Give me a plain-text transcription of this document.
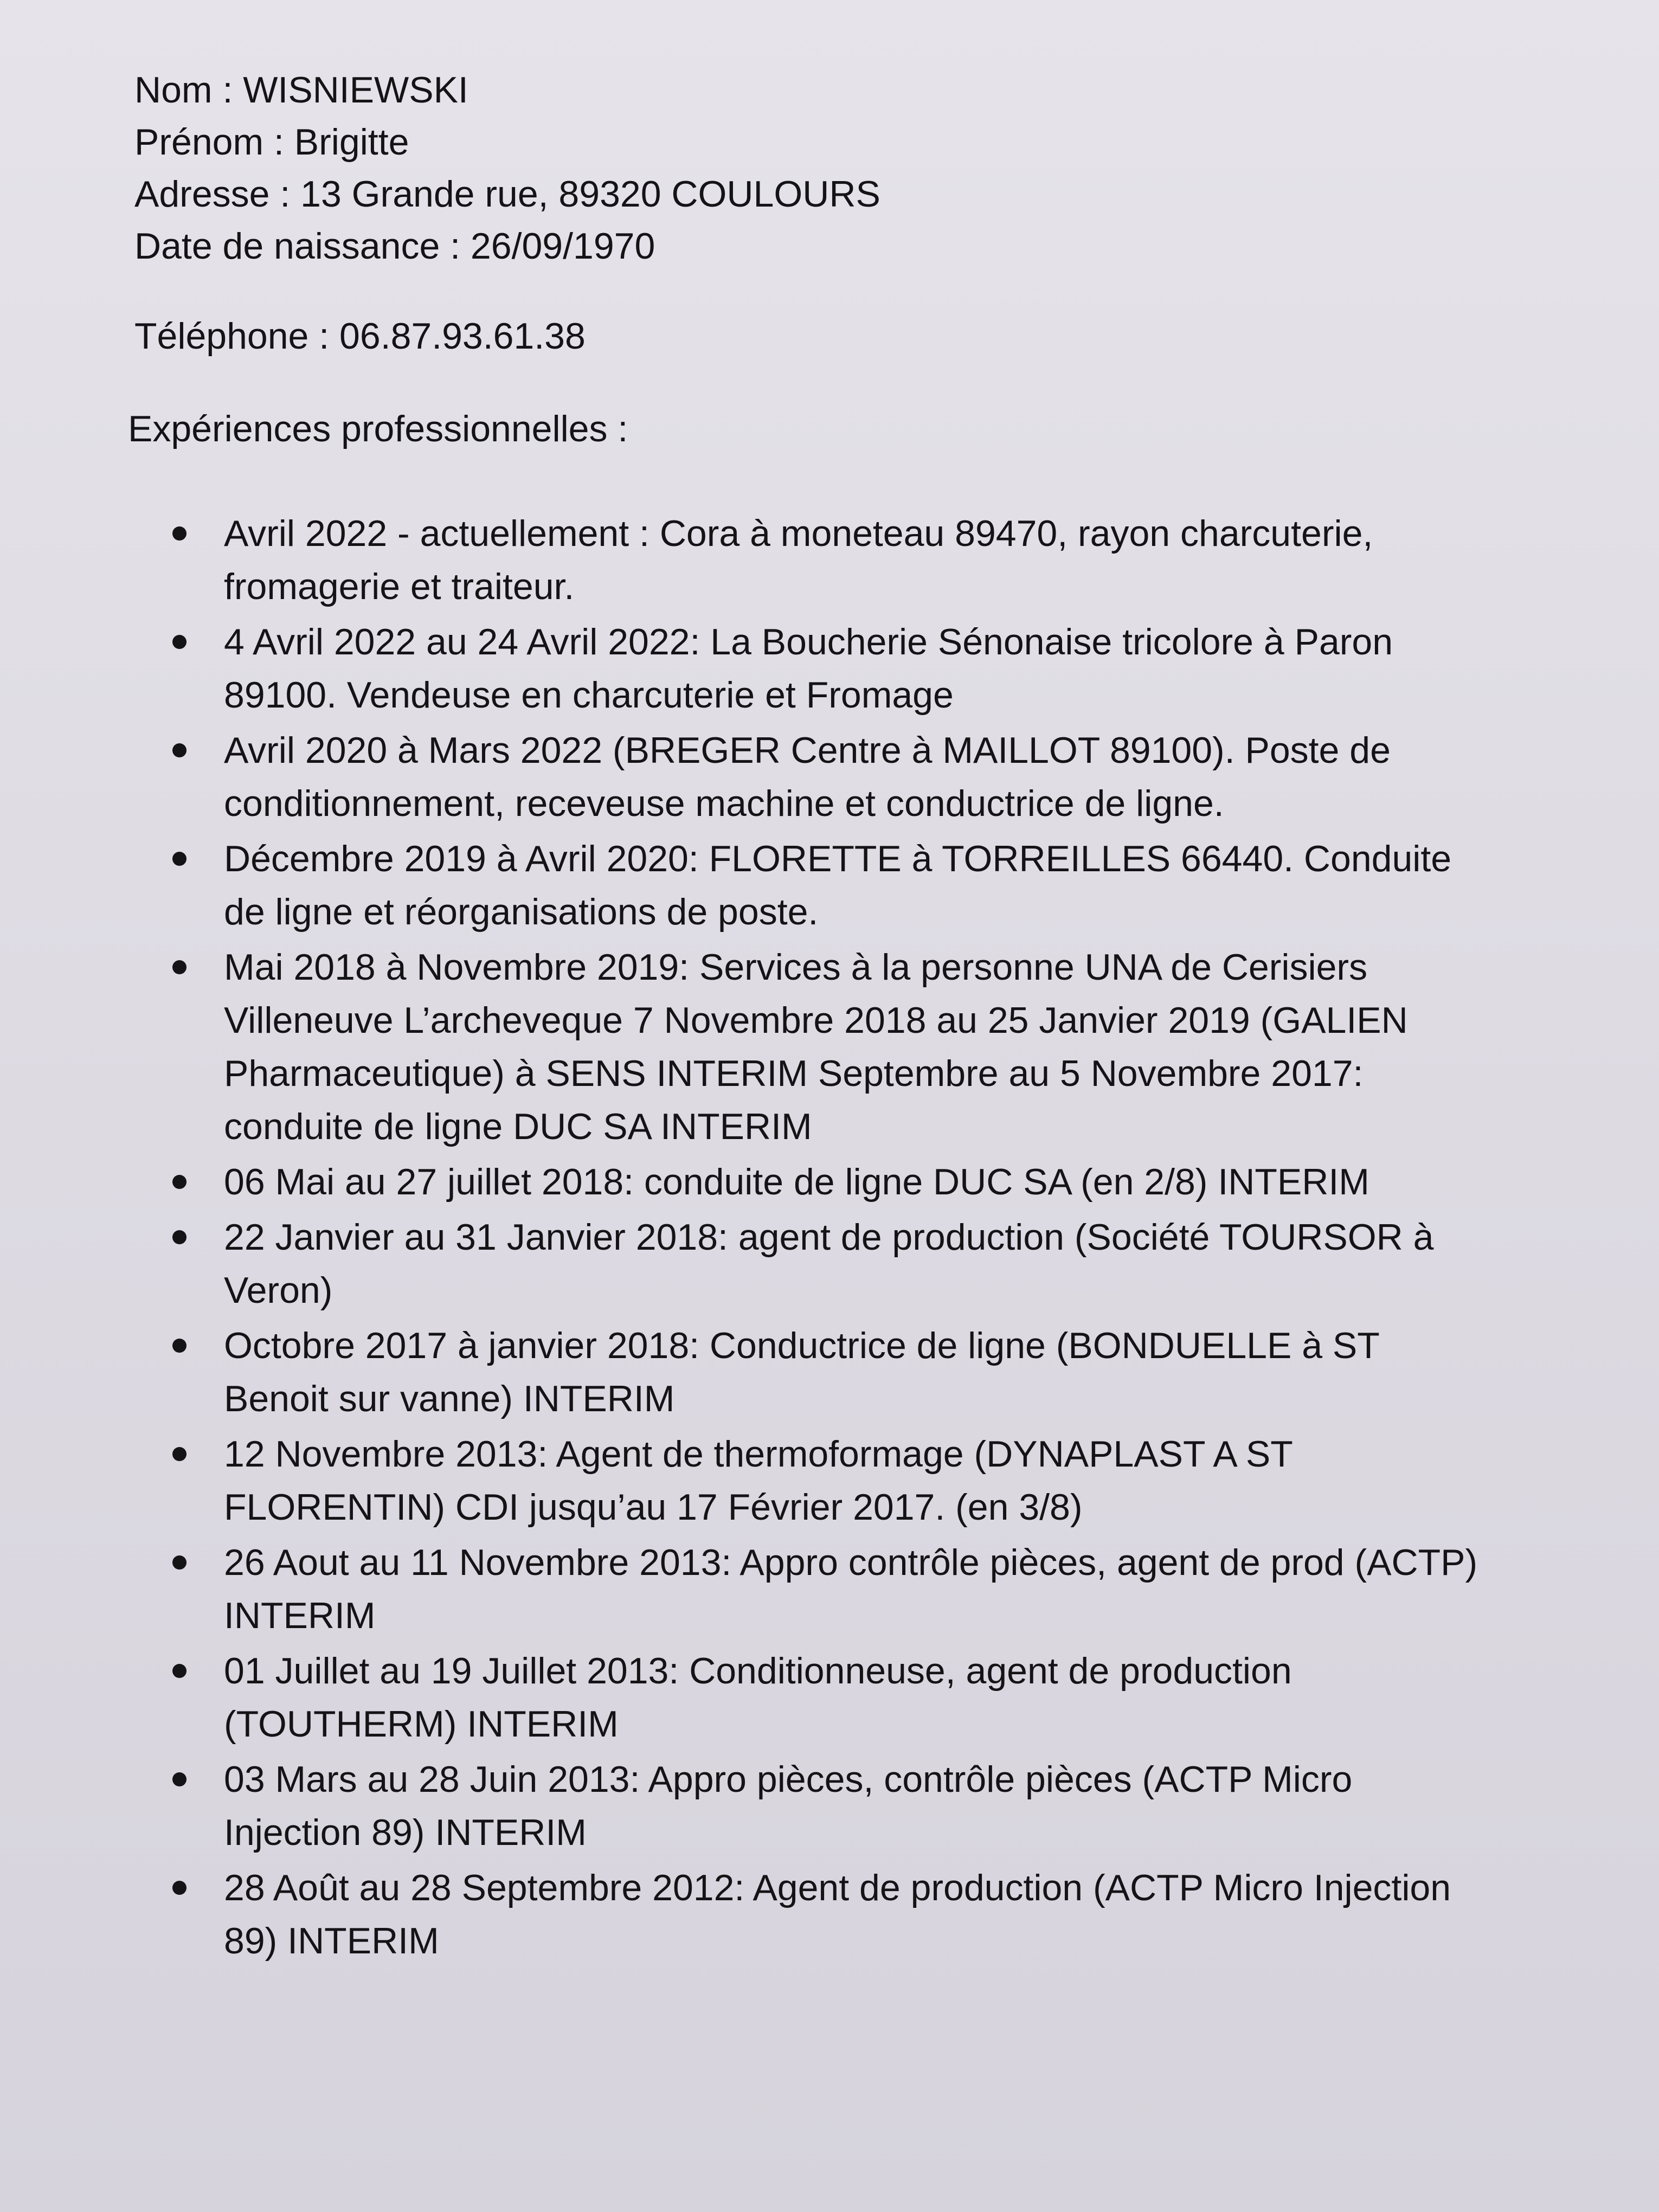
Nom : WISNIEWSKI

Prénom : Brigitte

Adresse : 13 Grande rue, 89320 COULOURS

Date de naissance : 26/09/1970

Téléphone : 06.87.93.61.38

Expériences professionnelles :

Avril 2022 - actuellement : Cora à moneteau 89470, rayon charcuterie, fromagerie et traiteur.
4 Avril 2022 au 24 Avril 2022: La Boucherie Sénonaise tricolore à Paron 89100. Vendeuse en charcuterie et Fromage
Avril 2020 à Mars 2022 (BREGER Centre à MAILLOT 89100). Poste de conditionnement, receveuse machine et conductrice de ligne.
Décembre 2019 à Avril 2020: FLORETTE à TORREILLES 66440. Conduite de ligne et réorganisations de poste.
Mai 2018 à Novembre 2019: Services à la personne UNA de Cerisiers Villeneuve L’archeveque 7 Novembre 2018 au 25 Janvier 2019 (GALIEN Pharmaceutique) à SENS INTERIM Septembre au 5 Novembre 2017: conduite de ligne DUC SA INTERIM
06 Mai au 27 juillet 2018: conduite de ligne DUC SA (en 2/8) INTERIM
22 Janvier au 31 Janvier 2018: agent de production (Société TOURSOR à Veron)
Octobre 2017 à janvier 2018: Conductrice de ligne (BONDUELLE à ST Benoit sur vanne) INTERIM
12 Novembre 2013: Agent de thermoformage (DYNAPLAST A ST FLORENTIN) CDI jusqu’au 17 Février 2017. (en 3/8)
26 Aout au 11 Novembre 2013: Appro contrôle pièces, agent de prod (ACTP) INTERIM
01 Juillet au 19 Juillet 2013: Conditionneuse, agent de production (TOUTHERM) INTERIM
03 Mars au 28 Juin 2013: Appro pièces, contrôle pièces (ACTP Micro Injection 89) INTERIM
28 Août au 28 Septembre 2012: Agent de production (ACTP Micro Injection 89) INTERIM
